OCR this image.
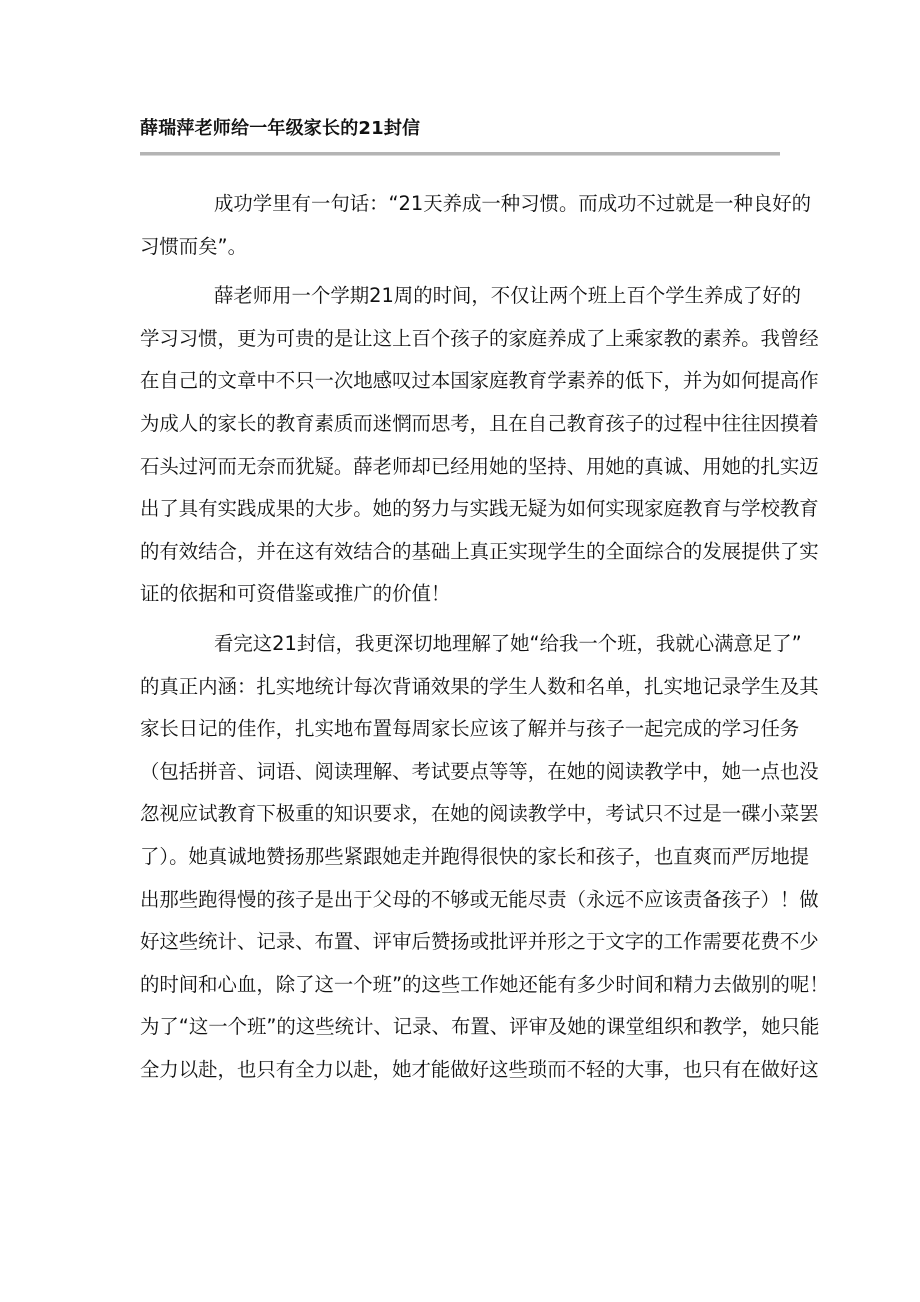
薛瑞萍老师给一年级家长的21封信
成功学里有一句话：“21天养成一种习惯。而成功不过就是一种良好的
习惯而矣”。
薛老师用一个学期21周的时间，不仅让两个班上百个学生养成了好的
学习习惯，更为可贵的是让这上百个孩子的家庭养成了上乘家教的素养。我曾经
在自己的文章中不只一次地感叹过本国家庭教育学素养的低下，并为如何提高作
为成人的家长的教育素质而迷惘而思考，且在自己教育孩子的过程中往往因摸着
石头过河而无奈而犹疑。薛老师却已经用她的坚持、用她的真诚、用她的扎实迈
出了具有实践成果的大步。她的努力与实践无疑为如何实现家庭教育与学校教育
的有效结合，并在这有效结合的基础上真正实现学生的全面综合的发展提供了实
证的依据和可资借鉴或推广的价值！
看完这21封信，我更深切地理解了她“给我一个班，我就心满意足了”
的真正内涵：扎实地统计每次背诵效果的学生人数和名单，扎实地记录学生及其
家长日记的佳作，扎实地布置每周家长应该了解并与孩子一起完成的学习任务
（包括拼音、词语、阅读理解、考试要点等等，在她的阅读教学中，她一点也没
忽视应试教育下极重的知识要求，在她的阅读教学中，考试只不过是一碟小菜罢
了）。她真诚地赞扬那些紧跟她走并跑得很快的家长和孩子，也直爽而严厉地提
出那些跑得慢的孩子是出于父母的不够或无能尽责（永远不应该责备孩子）！做
好这些统计、记录、布置、评审后赞扬或批评并形之于文字的工作需要花费不少
的时间和心血，除了这一个班”的这些工作她还能有多少时间和精力去做别的呢！
为了“这一个班”的这些统计、记录、布置、评审及她的课堂组织和教学，她只能
全力以赴，也只有全力以赴，她才能做好这些琐而不轻的大事，也只有在做好这
